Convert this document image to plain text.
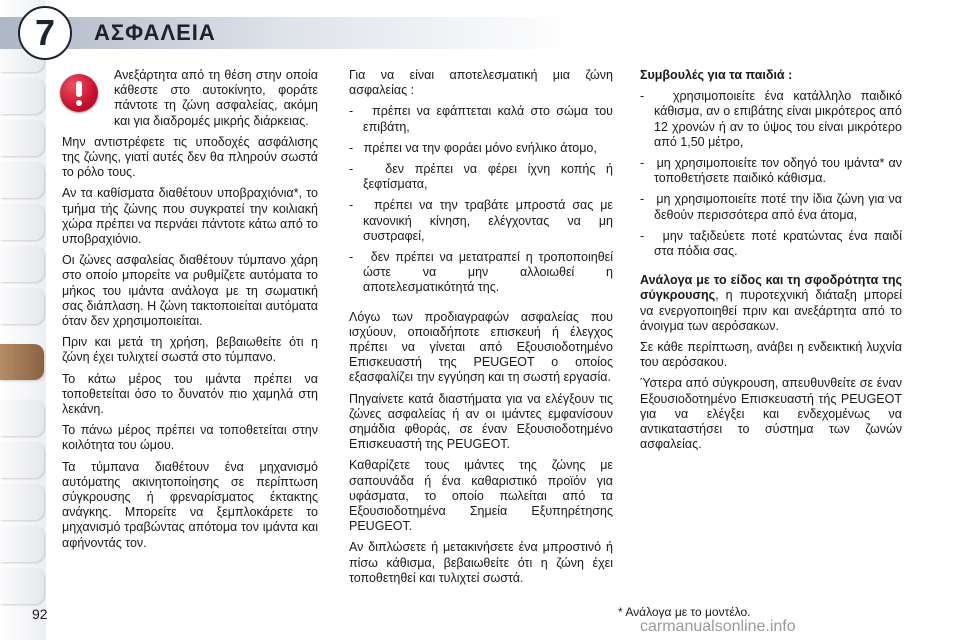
7	ΑΣΦΑΛΕΙΑ

Ανεξάρτητα από τη θέση στην οποία κάθεστε στο αυτοκίνητο, φοράτε πάντοτε τη ζώνη ασφαλείας, ακόμη και για διαδρομές μικρής διάρκειας.

Μην αντιστρέφετε τις υποδοχές ασφάλισης της ζώνης, γιατί αυτές δεν θα πληρούν σωστά το ρόλο τους.

Αν τα καθίσματα διαθέτουν υποβραχιόνια*, το τμήμα τής ζώνης που συγκρατεί την κοιλιακή χώρα πρέπει να περνάει πάντοτε κάτω από το υποβραχιόνιο.

Οι ζώνες ασφαλείας διαθέτουν τύμπανο χάρη στο οποίο μπορείτε να ρυθμίζετε αυτόματα το μήκος του ιμάντα ανάλογα με τη σωματική σας διάπλαση. Η ζώνη τακτοποιείται αυτόματα όταν δεν χρησιμοποιείται.

Πριν και μετά τη χρήση, βεβαιωθείτε ότι η ζώνη έχει τυλιχτεί σωστά στο τύμπανο.

Το κάτω μέρος του ιμάντα πρέπει να τοποθετείται όσο το δυνατόν πιο χαμηλά στη λεκάνη.

Το πάνω μέρος πρέπει να τοποθετείται στην κοιλότητα του ώμου.

Τα τύμπανα διαθέτουν ένα μηχανισμό αυτόματης ακινητοποίησης σε περίπτωση σύγκρουσης ή φρεναρίσματος έκτακτης ανάγκης. Μπορείτε να ξεμπλοκάρετε το μηχανισμό τραβώντας απότομα τον ιμάντα και αφήνοντάς τον.

Για να είναι αποτελεσματική μια ζώνη ασφαλείας :

-   πρέπει να εφάπτεται καλά στο σώμα του επιβάτη,

-   πρέπει να την φοράει μόνο ενήλικο άτομο,

-   δεν πρέπει να φέρει ίχνη κοπής ή ξεφτίσματα,

-   πρέπει να την τραβάτε μπροστά σας με κανονική κίνηση, ελέγχοντας να μη συστραφεί,

-   δεν πρέπει να μετατραπεί η τροποποιηθεί ώστε να μην αλλοιωθεί η αποτελεσματικότητά της.

Λόγω των προδιαγραφών ασφαλείας που ισχύουν, οποιαδήποτε επισκευή ή έλεγχος πρέπει να γίνεται από Εξουσιοδοτημένο Επισκευαστή της PEUGEOT ο οποίος εξασφαλίζει την εγγύηση και τη σωστή εργασία.

Πηγαίνετε κατά διαστήματα για να ελέγξουν τις ζώνες ασφαλείας ή αν οι ιμάντες εμφανίσουν σημάδια φθοράς, σε έναν Εξουσιοδοτημένο Επισκευαστή της PEUGEOT.

Καθαρίζετε τους ιμάντες της ζώνης με σαπουνάδα ή ένα καθαριστικό προϊόν για υφάσματα, το οποίο πωλείται από τα Εξουσιοδοτημένα Σημεία Εξυπηρέτησης PEUGEOT.

Αν διπλώσετε ή μετακινήσετε ένα μπροστινό ή πίσω κάθισμα, βεβαιωθείτε ότι η ζώνη έχει τοποθετηθεί και τυλιχτεί σωστά.

Συμβουλές για τα παιδιά :

-   χρησιμοποιείτε ένα κατάλληλο παιδικό κάθισμα, αν ο επιβάτης είναι μικρότερος από 12 χρονών ή αν το ύψος του είναι μικρότερο από 1,50 μέτρο,

-   μη χρησιμοποιείτε τον οδηγό του ιμάντα* αν τοποθετήσετε παιδικό κάθισμα.

-   μη χρησιμοποιείτε ποτέ την ίδια ζώνη για να δεθούν περισσότερα από ένα άτομα,

-   μην ταξιδεύετε ποτέ κρατώντας ένα παιδί στα πόδια σας.

Ανάλογα με το είδος και τη σφοδρότητα της σύγκρουσης, η πυροτεχνική διάταξη μπορεί να ενεργοποιηθεί πριν και ανεξάρτητα από το άνοιγμα των αερόσακων.

Σε κάθε περίπτωση, ανάβει η ενδεικτική λυχνία του αερόσακου.

Ύστερα από σύγκρουση, απευθυνθείτε σε έναν Εξουσιοδοτημένο Επισκευαστή τής PEUGEOT για να ελέγξει και ενδεχομένως να αντικαταστήσει το σύστημα των ζωνών ασφαλείας.

92	* Ανάλογα με το μοντέλο.
carmanualsonline.info
